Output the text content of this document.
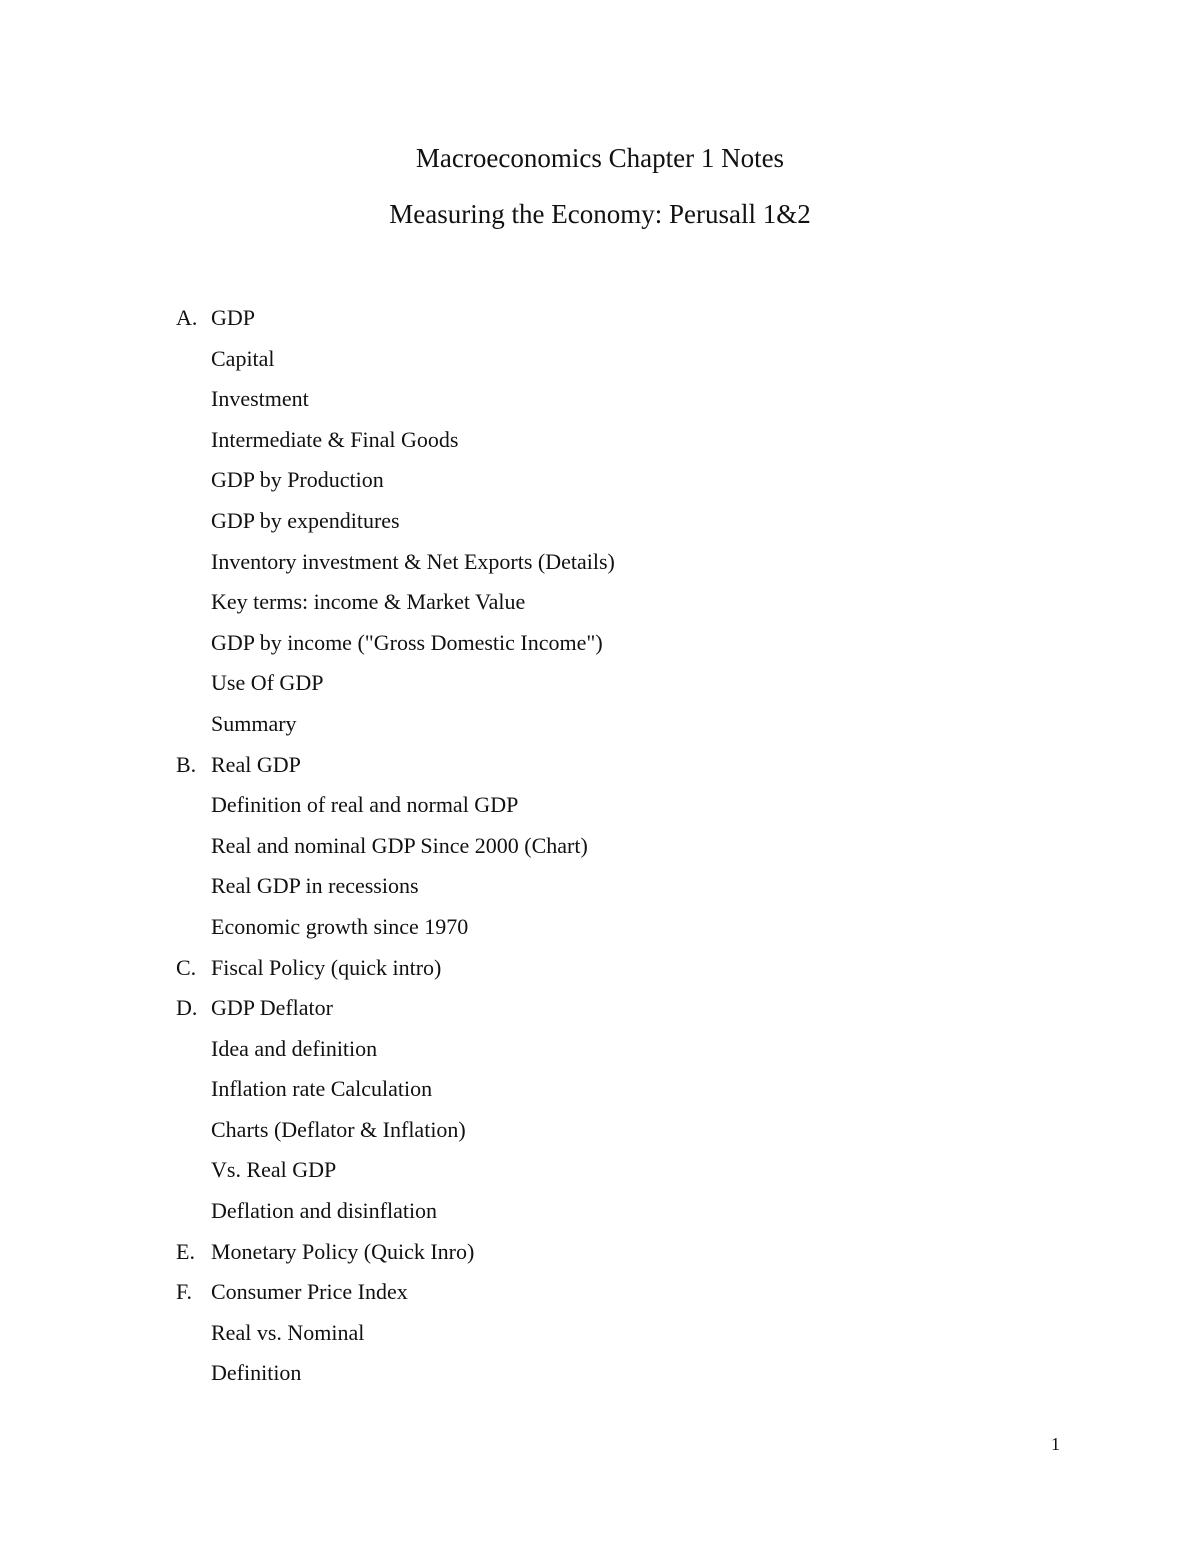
Macroeconomics Chapter 1 Notes
Measuring the Economy: Perusall 1&2
A. GDP
Capital
Investment
Intermediate & Final Goods
GDP by Production
GDP by expenditures
Inventory investment & Net Exports (Details)
Key terms: income & Market Value
GDP by income ("Gross Domestic Income")
Use Of GDP
Summary
B. Real GDP
Definition of real and normal GDP
Real and nominal GDP Since 2000 (Chart)
Real GDP in recessions
Economic growth since 1970
C. Fiscal Policy (quick intro)
D. GDP Deflator
Idea and definition
Inflation rate Calculation
Charts (Deflator & Inflation)
Vs. Real GDP
Deflation and disinflation
E. Monetary Policy (Quick Inro)
F. Consumer Price Index
Real vs. Nominal
Definition
1
